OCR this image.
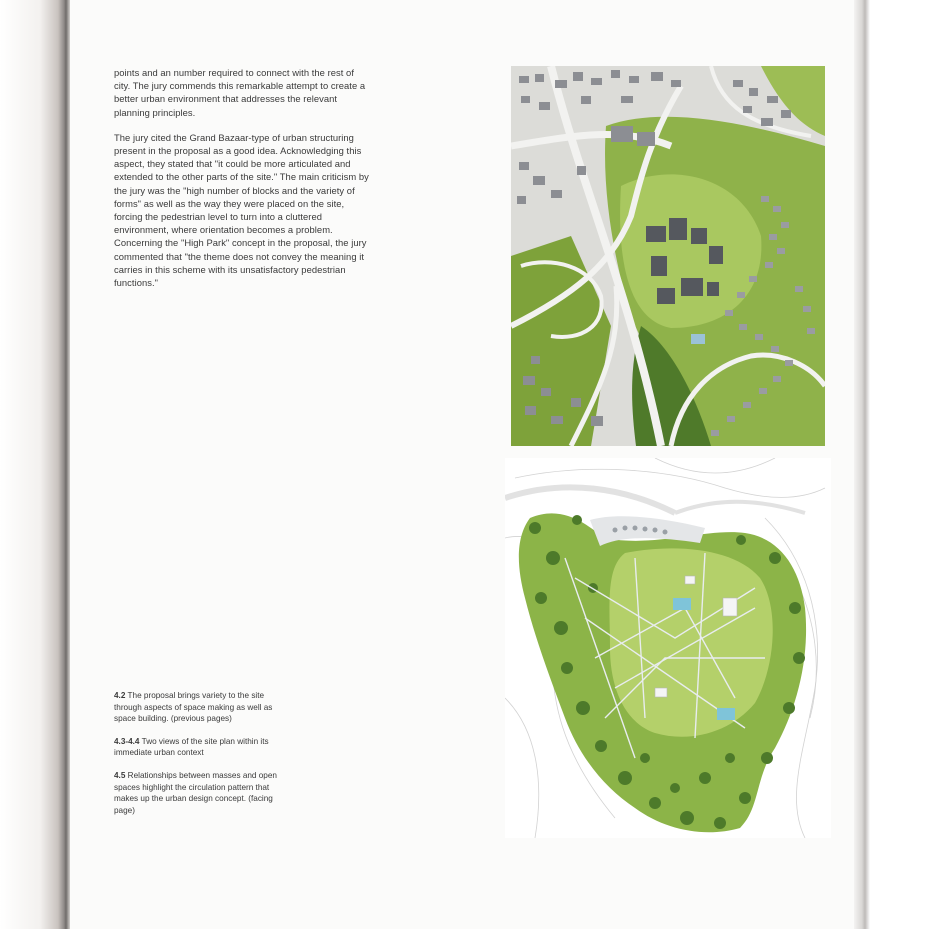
points and an number required to connect with the rest of city. The jury commends this remarkable attempt to create a better urban environment that addresses the relevant planning principles.

The jury cited the Grand Bazaar-type of urban structuring present in the proposal as a good idea. Acknowledging this aspect, they stated that "it could be more articulated and extended to the other parts of the site." The main criticism by the jury was the "high number of blocks and the variety of forms" as well as the way they were placed on the site, forcing the pedestrian level to turn into a cluttered environment, where orientation becomes a problem. Concerning the "High Park" concept in the proposal, the jury commented that "the theme does not convey the meaning it carries in this scheme with its unsatisfactory pedestrian functions."

4.2 The proposal brings variety to the site through aspects of space making as well as space building. (previous pages)

4.3-4.4 Two views of the site plan within its immediate urban context

4.5 Relationships between masses and open spaces highlight the circulation pattern that makes up the urban design concept. (facing page)
